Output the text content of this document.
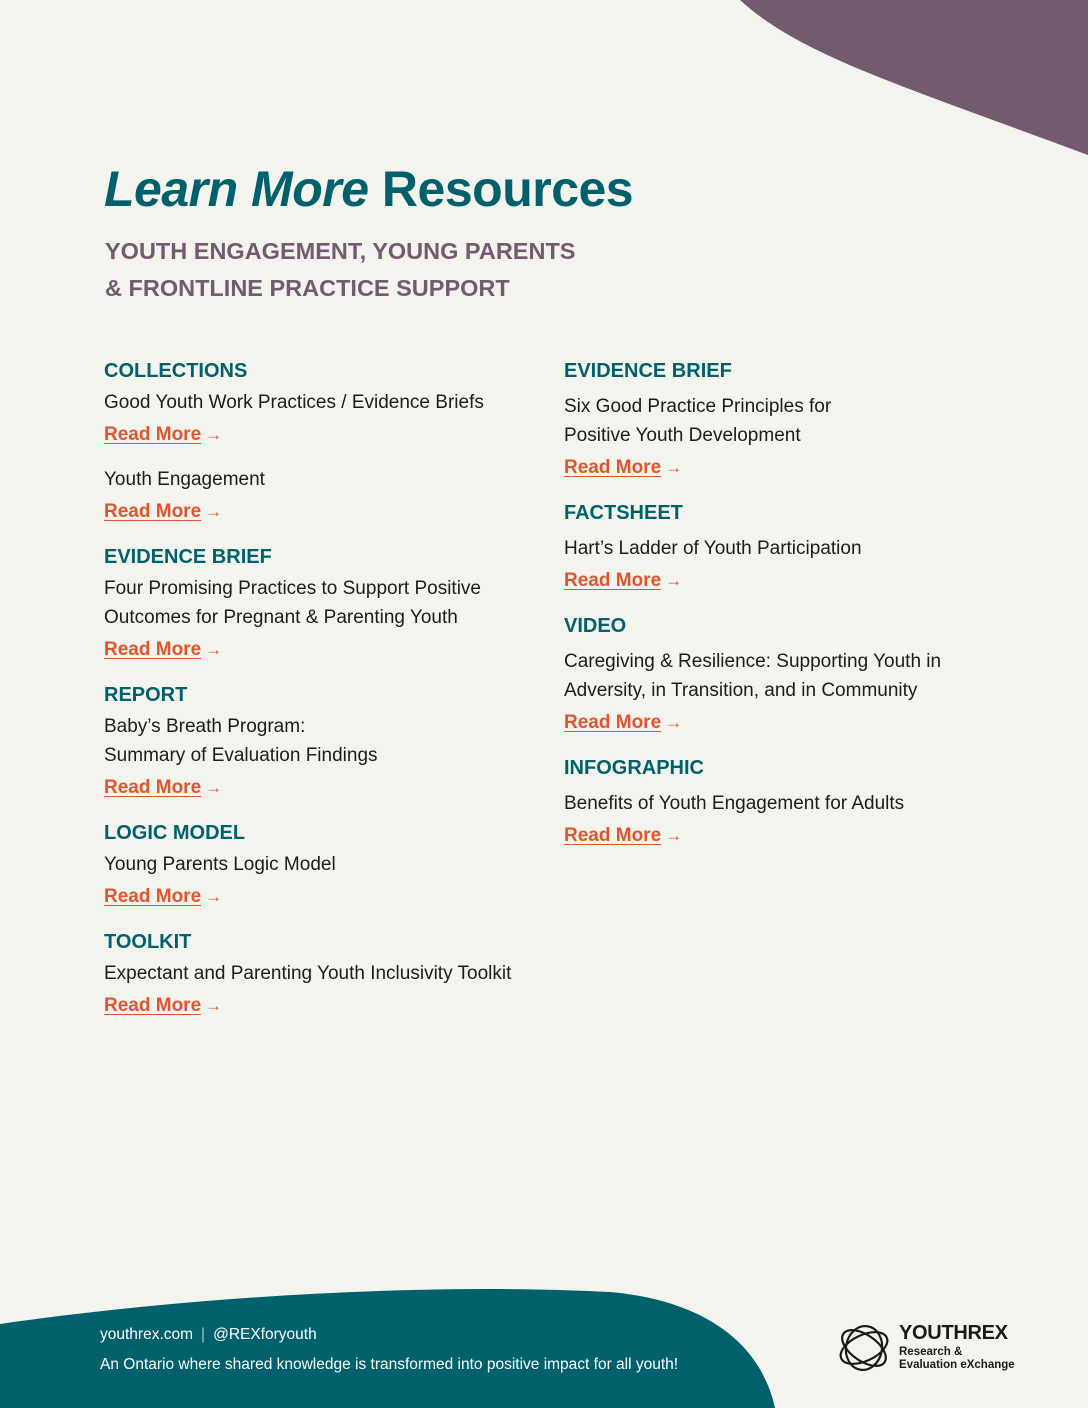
Learn More Resources
YOUTH ENGAGEMENT, YOUNG PARENTS
& FRONTLINE PRACTICE SUPPORT
COLLECTIONS

Good Youth Work Practices / Evidence Briefs

Read More →

Youth Engagement

Read More →
EVIDENCE BRIEF

Four Promising Practices to Support Positive
Outcomes for Pregnant & Parenting Youth

Read More →
REPORT

Baby’s Breath Program:
Summary of Evaluation Findings

Read More →
LOGIC MODEL

Young Parents Logic Model

Read More →
TOOLKIT

Expectant and Parenting Youth Inclusivity Toolkit

Read More →
EVIDENCE BRIEF

Six Good Practice Principles for
Positive Youth Development

Read More →
FACTSHEET

Hart’s Ladder of Youth Participation

Read More →
VIDEO

Caregiving & Resilience: Supporting Youth in
Adversity, in Transition, and in Community

Read More →
INFOGRAPHIC

Benefits of Youth Engagement for Adults

Read More →
youthrex.com | @REXforyouth
An Ontario where shared knowledge is transformed into positive impact for all youth!
YOUTHREX
Research &
Evaluation eXchange
